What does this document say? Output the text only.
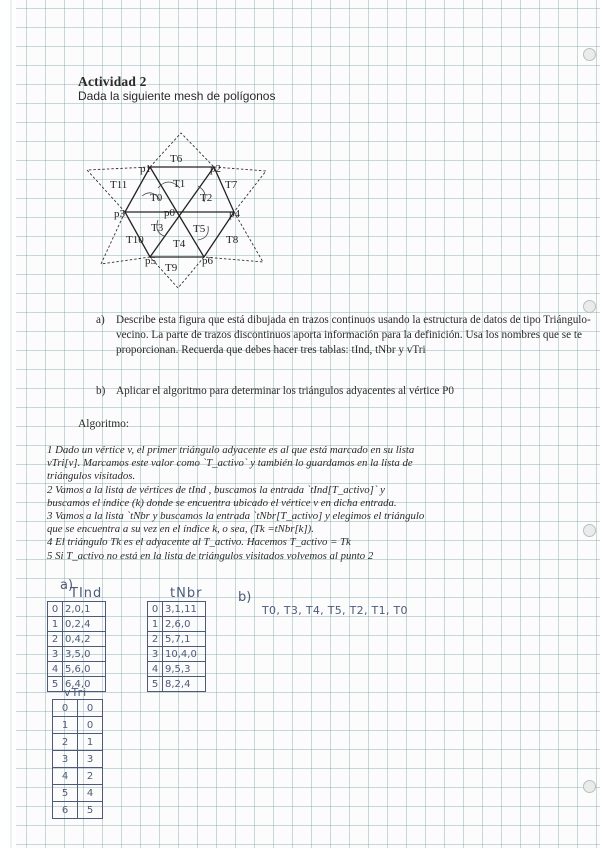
Actividad 2
Dada la siguiente mesh de polígonos
T6
T11	T1	T7
T0	T2
T3	T5
T10	T4	T8
T9
p1	p2
p3	p0	p4
p5	p6
a) Describe esta figura que está dibujada en trazos continuos usando la estructura de datos de tipo Triángulo-vecino. La parte de trazos discontinuos aporta información para la definición. Usa los nombres que se te proporcionan. Recuerda que debes hacer tres tablas: tInd, tNbr y vTri
b) Aplicar el algoritmo para determinar los triángulos adyacentes al vértice P0
Algoritmo:
1 Dado un vértice v, el primer triángulo adyacente es al que está marcado en su lista
vTri[v]. Marcamos este valor como `T_activo` y también lo guardamos en la lista de
triángulos visitados.
2 Vamos a la lista de vértices de tInd , buscamos la entrada `tInd[T_activo]` y
buscamos el índice (k) donde se encuentra ubicado el vértice v en dicha entrada.
3 Vamos a la lista `tNbr y buscamos la entrada `tNbr[T_activo] y elegimos el triángulo
que se encuentra a su vez en el índice k, o sea, (Tk =tNbr[k]).
4 El triángulo Tk es el adyacente al T_activo. Hacemos T_activo = Tk
5 Si T_activo no está en la lista de triángulos visitados volvemos al punto 2
a)
TInd	tNbr	b)
T0, T3, T4, T5, T2, T1, T0
0	2,0,1
1	0,2,4
2	0,4,2
3	3,5,0
4	5,6,0
5	6,4,0
0	3,1,11
1	2,6,0
2	5,7,1
3	10,4,0
4	9,5,3
5	8,2,4
vTri
0	0
1	0
2	1
3	3
4	2
5	4
6	5
